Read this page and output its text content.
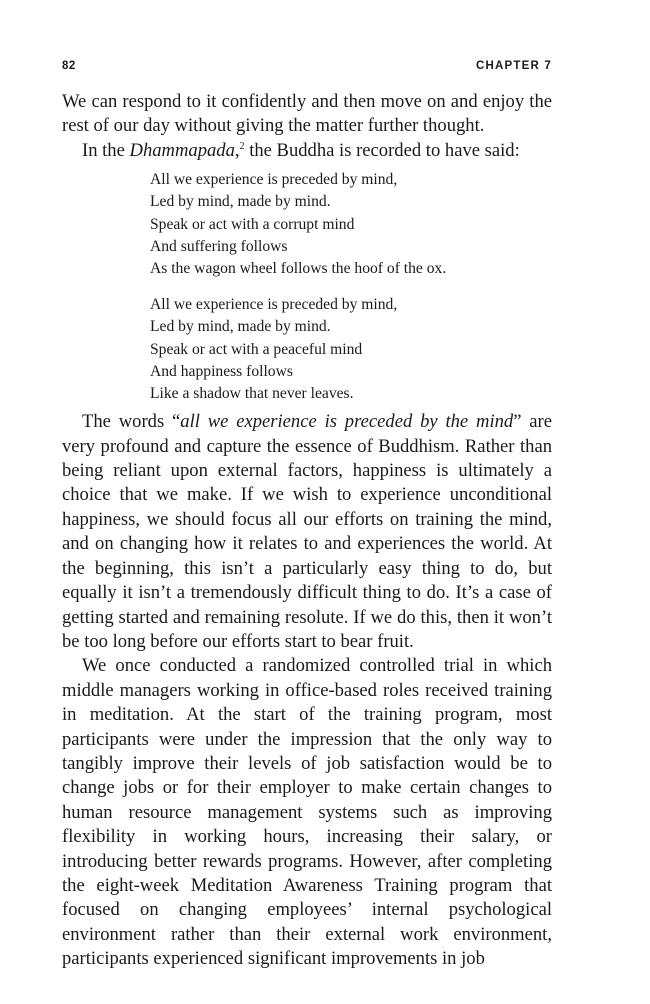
82	CHAPTER 7

We can respond to it confidently and then move on and enjoy the rest of our day without giving the matter further thought.

In the Dhammapada,$^2$ the Buddha is recorded to have said:

All we experience is preceded by mind,
Led by mind, made by mind.
Speak or act with a corrupt mind
And suffering follows
As the wagon wheel follows the hoof of the ox.
All we experience is preceded by mind,
Led by mind, made by mind.
Speak or act with a peaceful mind
And happiness follows
Like a shadow that never leaves.

The words “all we experience is preceded by the mind” are very profound and capture the essence of Buddhism. Rather than being reliant upon external factors, happiness is ultimately a choice that we make. If we wish to experience unconditional happiness, we should focus all our efforts on training the mind, and on changing how it relates to and experiences the world. At the beginning, this isn’t a particularly easy thing to do, but equally it isn’t a tremendously difficult thing to do. It’s a case of getting started and remaining resolute. If we do this, then it won’t be too long before our efforts start to bear fruit.

We once conducted a randomized controlled trial in which middle managers working in office-based roles received training in meditation. At the start of the training program, most participants were under the impression that the only way to tangibly improve their levels of job satisfaction would be to change jobs or for their employer to make certain changes to human resource management systems such as improving flexibility in working hours, increasing their salary, or introducing better rewards programs. However, after completing the eight-week Meditation Awareness Training program that focused on changing employees’ internal psychological environment rather than their external work environment, participants experienced significant improvements in job
